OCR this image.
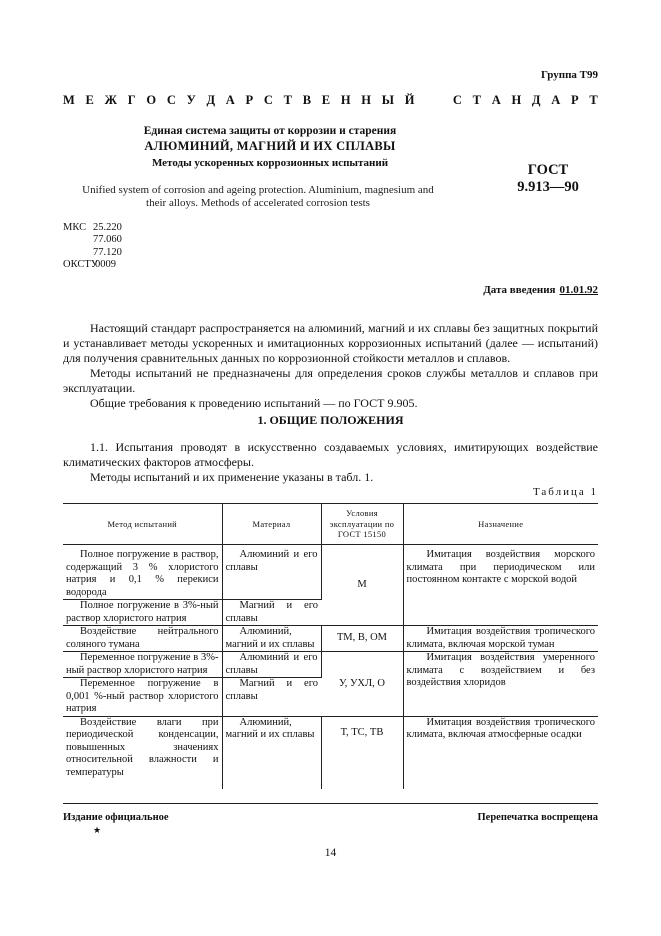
Группа Т99
М Е Ж Г О С У Д А Р С Т В Е Н Н Ы Й

	С Т А Н Д А Р Т
Единая система защиты от коррозии и старения
АЛЮМИНИЙ, МАГНИЙ И ИХ СПЛАВЫ
Методы ускоренных коррозионных испытаний
Unified system of corrosion and ageing protection. Aluminium, magnesium and
their alloys. Methods of accelerated corrosion tests
ГОСТ
9.913—90
МКС 25.220
77.060
77.120
ОКСТУ
0009
Дата введения 01.01.92

Настоящий стандарт распространяется на алюминий, магний и их сплавы без защитных покрытий и устанавливает методы ускоренных и имитационных коррозионных испытаний (далее — испытаний) для получения сравнительных данных по коррозионной стойкости металлов и сплавов.

Методы испытаний не предназначены для определения сроков службы металлов и сплавов при эксплуатации.

Общие требования к проведению испытаний — по ГОСТ 9.905.

1. ОБЩИЕ ПОЛОЖЕНИЯ

1.1. Испытания проводят в искусственно создаваемых условиях, имитирующих воздействие климатических факторов атмосферы.

Методы испытаний и их применение указаны в табл. 1.

Таблица 1
Метод испытаний	Материал	Условия эксплуатации по ГОСТ 15150	Назначение
Полное погружение в раствор, содержащий 3 % хлористого натрия и 0,1 % перекиси водорода	Алюминий и его сплавы	М	Имитация воздействия морского климата при периодическом или постоянном контакте с морской водой
Полное погружение в 3%-ный раствор хлористого натрия	Магний и его сплавы		
Воздействие нейтрального соляного тумана	Алюминий, магний и их сплавы	ТМ, В, ОМ	Имитация воздействия тропического климата, включая морской туман
Переменное погружение в 3%-ный раствор хлористого натрия	Алюминий и его сплавы	У, УХЛ, О	Имитация воздействия умеренного климата с воздействием и без воздействия хлоридов
Переменное погружение в 0,001 %-ный раствор хлористого натрия	Магний и его сплавы		
Воздействие влаги при периодической конденсации, повышенных значениях относительной влажности и температуры	Алюминий, магний и их сплавы	Т, ТС, ТВ	Имитация воздействия тропического климата, включая атмосферные осадки
Издание официальное
★
Перепечатка воспрещена
14
